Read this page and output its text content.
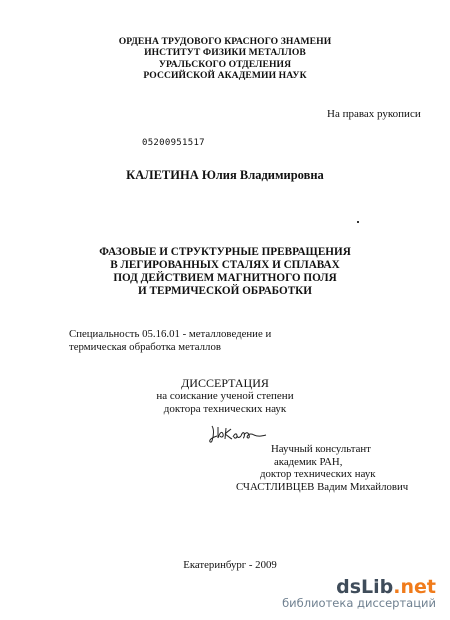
ОРДЕНА ТРУДОВОГО КРАСНОГО ЗНАМЕНИ
ИНСТИТУТ ФИЗИКИ МЕТАЛЛОВ
УРАЛЬСКОГО ОТДЕЛЕНИЯ
РОССИЙСКОЙ АКАДЕМИИ НАУК
На правах рукописи
05200951517
КАЛЕТИНА Юлия Владимировна
ФАЗОВЫЕ И СТРУКТУРНЫЕ ПРЕВРАЩЕНИЯ
В ЛЕГИРОВАННЫХ СТАЛЯХ И СПЛАВАХ
ПОД ДЕЙСТВИЕМ МАГНИТНОГО ПОЛЯ
И ТЕРМИЧЕСКОЙ ОБРАБОТКИ
Специальность 05.16.01 - металловедение и
термическая обработка металлов
ДИССЕРТАЦИЯ
на соискание ученой степени
доктора технических наук
Научный консультант
академик РАН,
доктор технических наук
СЧАСТЛИВЦЕВ Вадим Михайлович
Екатеринбург - 2009
dsLib.net
библиотека диссертаций
